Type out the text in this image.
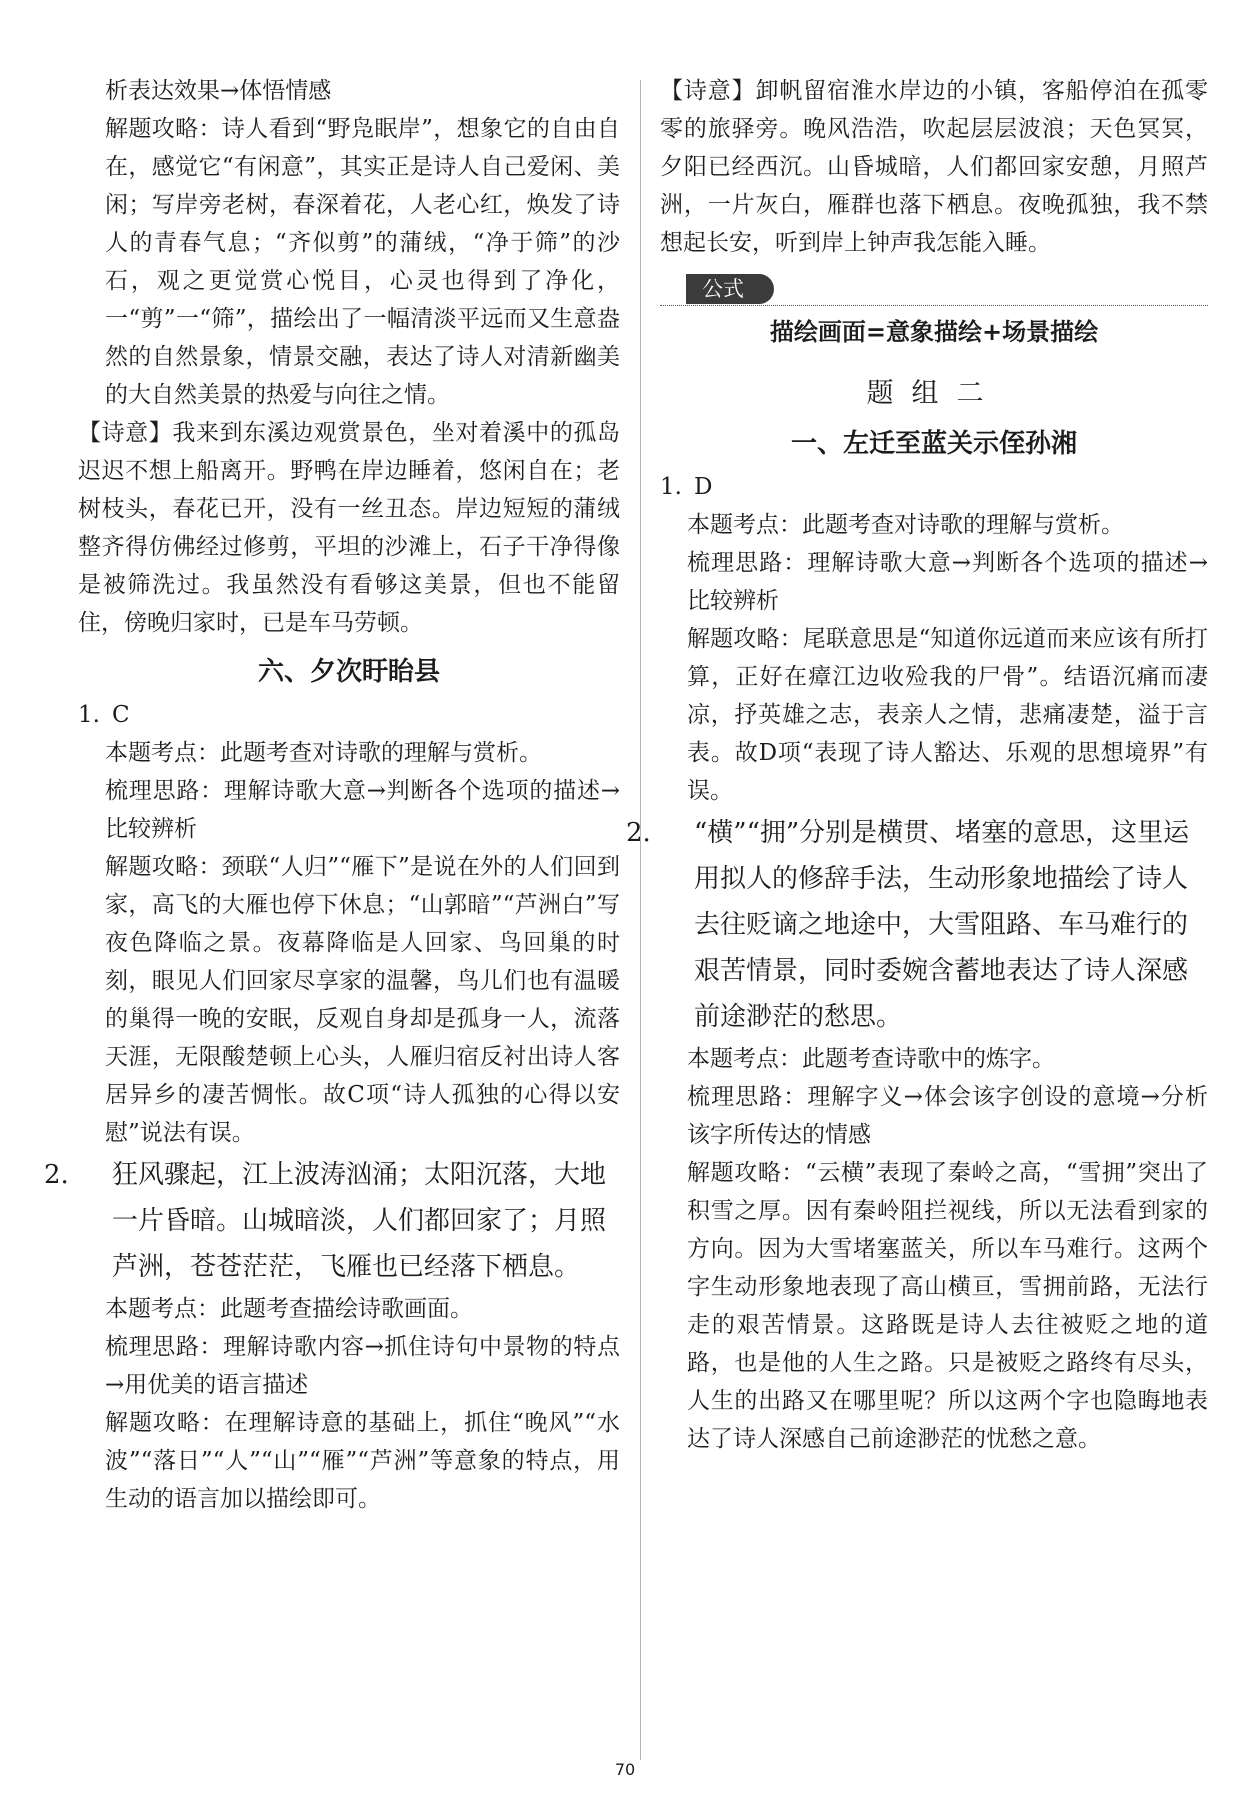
析表达效果→体悟情感

解题攻略：诗人看到“野凫眠岸”，想象它的自由自在，感觉它“有闲意”，其实正是诗人自己爱闲、美闲；写岸旁老树，春深着花，人老心红，焕发了诗人的青春气息；“齐似剪”的蒲绒，“净于筛”的沙石，观之更觉赏心悦目，心灵也得到了净化，一“剪”一“筛”，描绘出了一幅清淡平远而又生意盎然的自然景象，情景交融，表达了诗人对清新幽美的大自然美景的热爱与向往之情。

【诗意】我来到东溪边观赏景色，坐对着溪中的孤岛迟迟不想上船离开。野鸭在岸边睡着，悠闲自在；老树枝头，春花已开，没有一丝丑态。岸边短短的蒲绒整齐得仿佛经过修剪，平坦的沙滩上，石子干净得像是被筛洗过。我虽然没有看够这美景，但也不能留住，傍晚归家时，已是车马劳顿。

六、夕次盱眙县

1. C

本题考点：此题考查对诗歌的理解与赏析。

梳理思路：理解诗歌大意→判断各个选项的描述→比较辨析

解题攻略：颈联“人归”“雁下”是说在外的人们回到家，高飞的大雁也停下休息；“山郭暗”“芦洲白”写夜色降临之景。夜幕降临是人回家、鸟回巢的时刻，眼见人们回家尽享家的温馨，鸟儿们也有温暖的巢得一晚的安眠，反观自身却是孤身一人，流落天涯，无限酸楚顿上心头，人雁归宿反衬出诗人客居异乡的凄苦惆怅。故C项“诗人孤独的心得以安慰”说法有误。

2. 狂风骤起，江上波涛汹涌；太阳沉落，大地一片昏暗。山城暗淡，人们都回家了；月照芦洲，苍苍茫茫，飞雁也已经落下栖息。

本题考点：此题考查描绘诗歌画面。

梳理思路：理解诗歌内容→抓住诗句中景物的特点→用优美的语言描述

解题攻略：在理解诗意的基础上，抓住“晚风”“水波”“落日”“人”“山”“雁”“芦洲”等意象的特点，用生动的语言加以描绘即可。

【诗意】卸帆留宿淮水岸边的小镇，客船停泊在孤零零的旅驿旁。晚风浩浩，吹起层层波浪；天色冥冥，夕阳已经西沉。山昏城暗，人们都回家安憩，月照芦洲，一片灰白，雁群也落下栖息。夜晚孤独，我不禁想起长安，听到岸上钟声我怎能入睡。

公式
描绘画面=意象描绘+场景描绘
题组二
一、左迁至蓝关示侄孙湘

1. D

本题考点：此题考查对诗歌的理解与赏析。

梳理思路：理解诗歌大意→判断各个选项的描述→比较辨析

解题攻略：尾联意思是“知道你远道而来应该有所打算，正好在瘴江边收殓我的尸骨”。结语沉痛而凄凉，抒英雄之志，表亲人之情，悲痛凄楚，溢于言表。故D项“表现了诗人豁达、乐观的思想境界”有误。

2. “横”“拥”分别是横贯、堵塞的意思，这里运用拟人的修辞手法，生动形象地描绘了诗人去往贬谪之地途中，大雪阻路、车马难行的艰苦情景，同时委婉含蓄地表达了诗人深感前途渺茫的愁思。

本题考点：此题考查诗歌中的炼字。

梳理思路：理解字义→体会该字创设的意境→分析该字所传达的情感

解题攻略：“云横”表现了秦岭之高，“雪拥”突出了积雪之厚。因有秦岭阻拦视线，所以无法看到家的方向。因为大雪堵塞蓝关，所以车马难行。这两个字生动形象地表现了高山横亘，雪拥前路，无法行走的艰苦情景。这路既是诗人去往被贬之地的道路，也是他的人生之路。只是被贬之路终有尽头，人生的出路又在哪里呢？所以这两个字也隐晦地表达了诗人深感自己前途渺茫的忧愁之意。

70
